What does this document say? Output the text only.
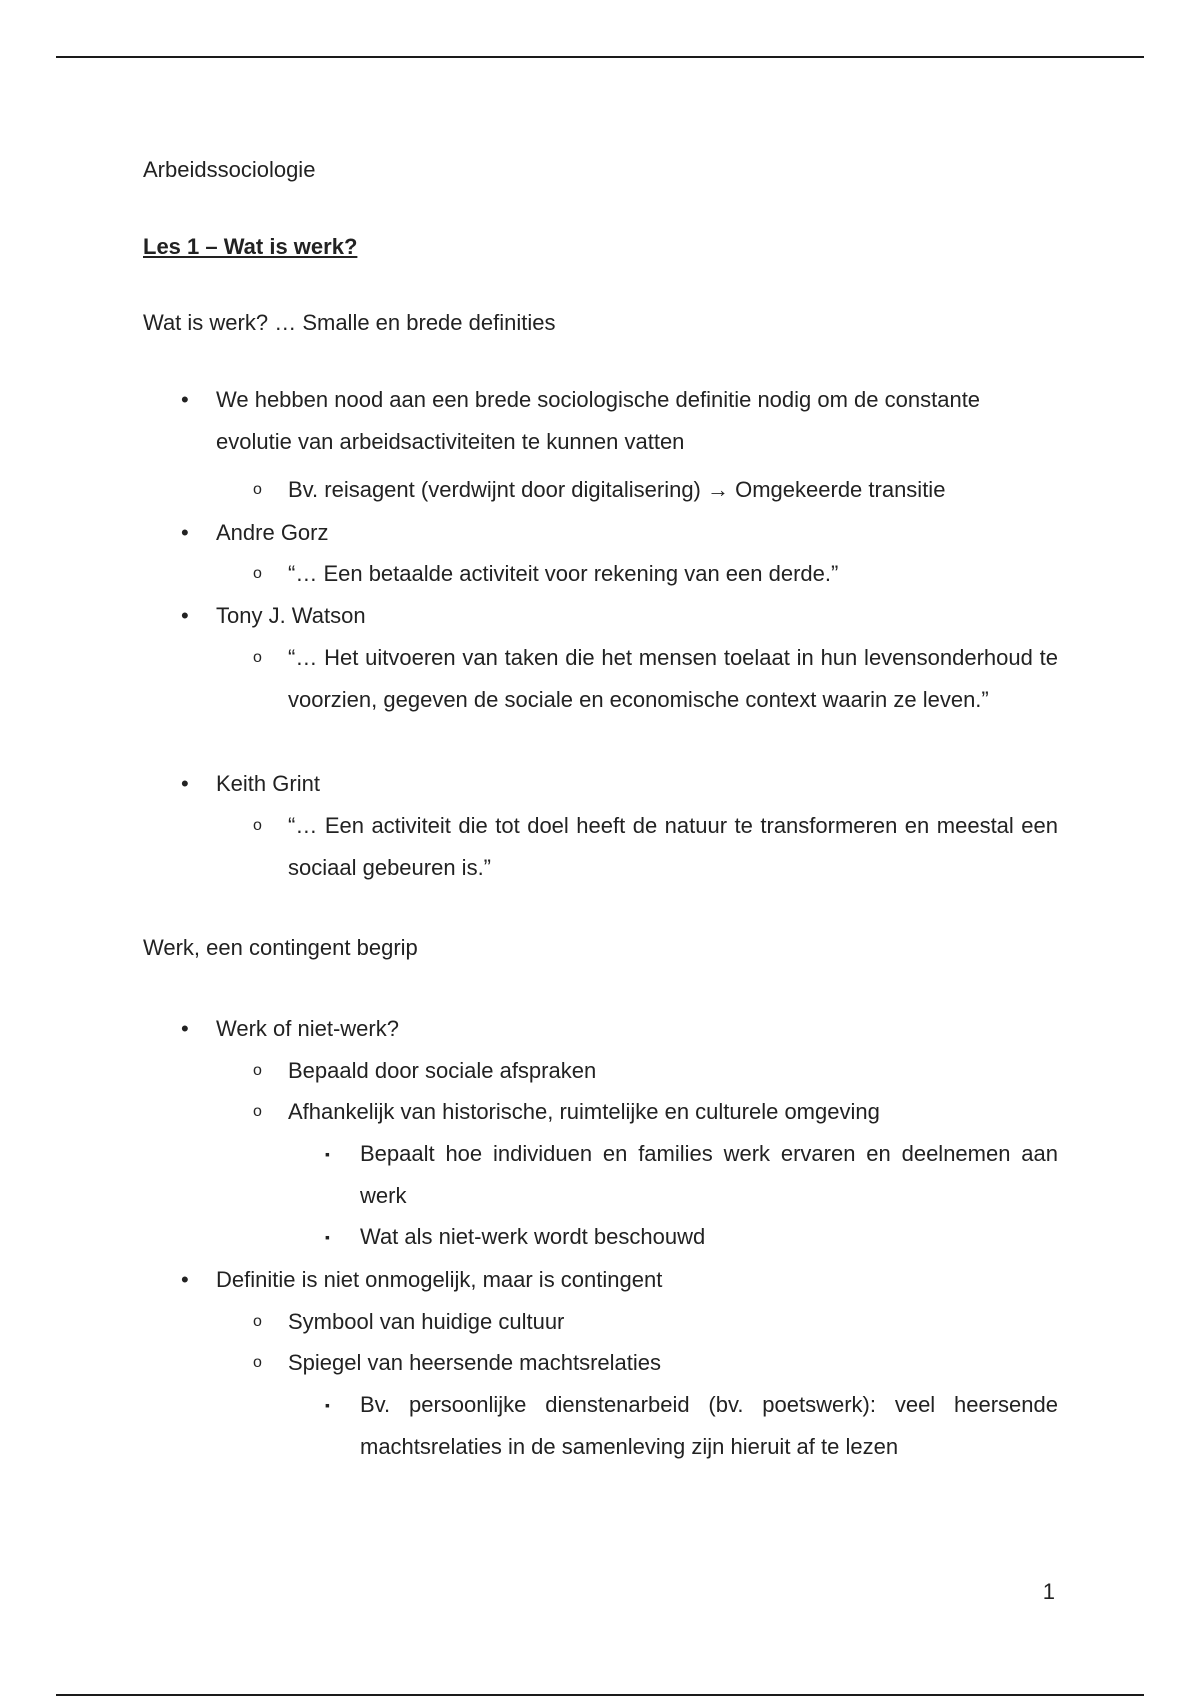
Arbeidssociologie
Les 1 – Wat is werk?
Wat is werk? … Smalle en brede definities
• We hebben nood aan een brede sociologische definitie nodig om de constante evolutie van arbeidsactiviteiten te kunnen vatten
o Bv. reisagent (verdwijnt door digitalisering) → Omgekeerde transitie
• Andre Gorz
o “… Een betaalde activiteit voor rekening van een derde.”
• Tony J. Watson
o “… Het uitvoeren van taken die het mensen toelaat in hun levensonderhoud te voorzien, gegeven de sociale en economische context waarin ze leven.”
• Keith Grint
o “… Een activiteit die tot doel heeft de natuur te transformeren en meestal een sociaal gebeuren is.”
Werk, een contingent begrip
• Werk of niet-werk?
o Bepaald door sociale afspraken
o Afhankelijk van historische, ruimtelijke en culturele omgeving
▪ Bepaalt hoe individuen en families werk ervaren en deelnemen aan werk
▪ Wat als niet-werk wordt beschouwd
• Definitie is niet onmogelijk, maar is contingent
o Symbool van huidige cultuur
o Spiegel van heersende machtsrelaties
▪ Bv. persoonlijke dienstenarbeid (bv. poetswerk): veel heersende machtsrelaties in de samenleving zijn hieruit af te lezen
1
